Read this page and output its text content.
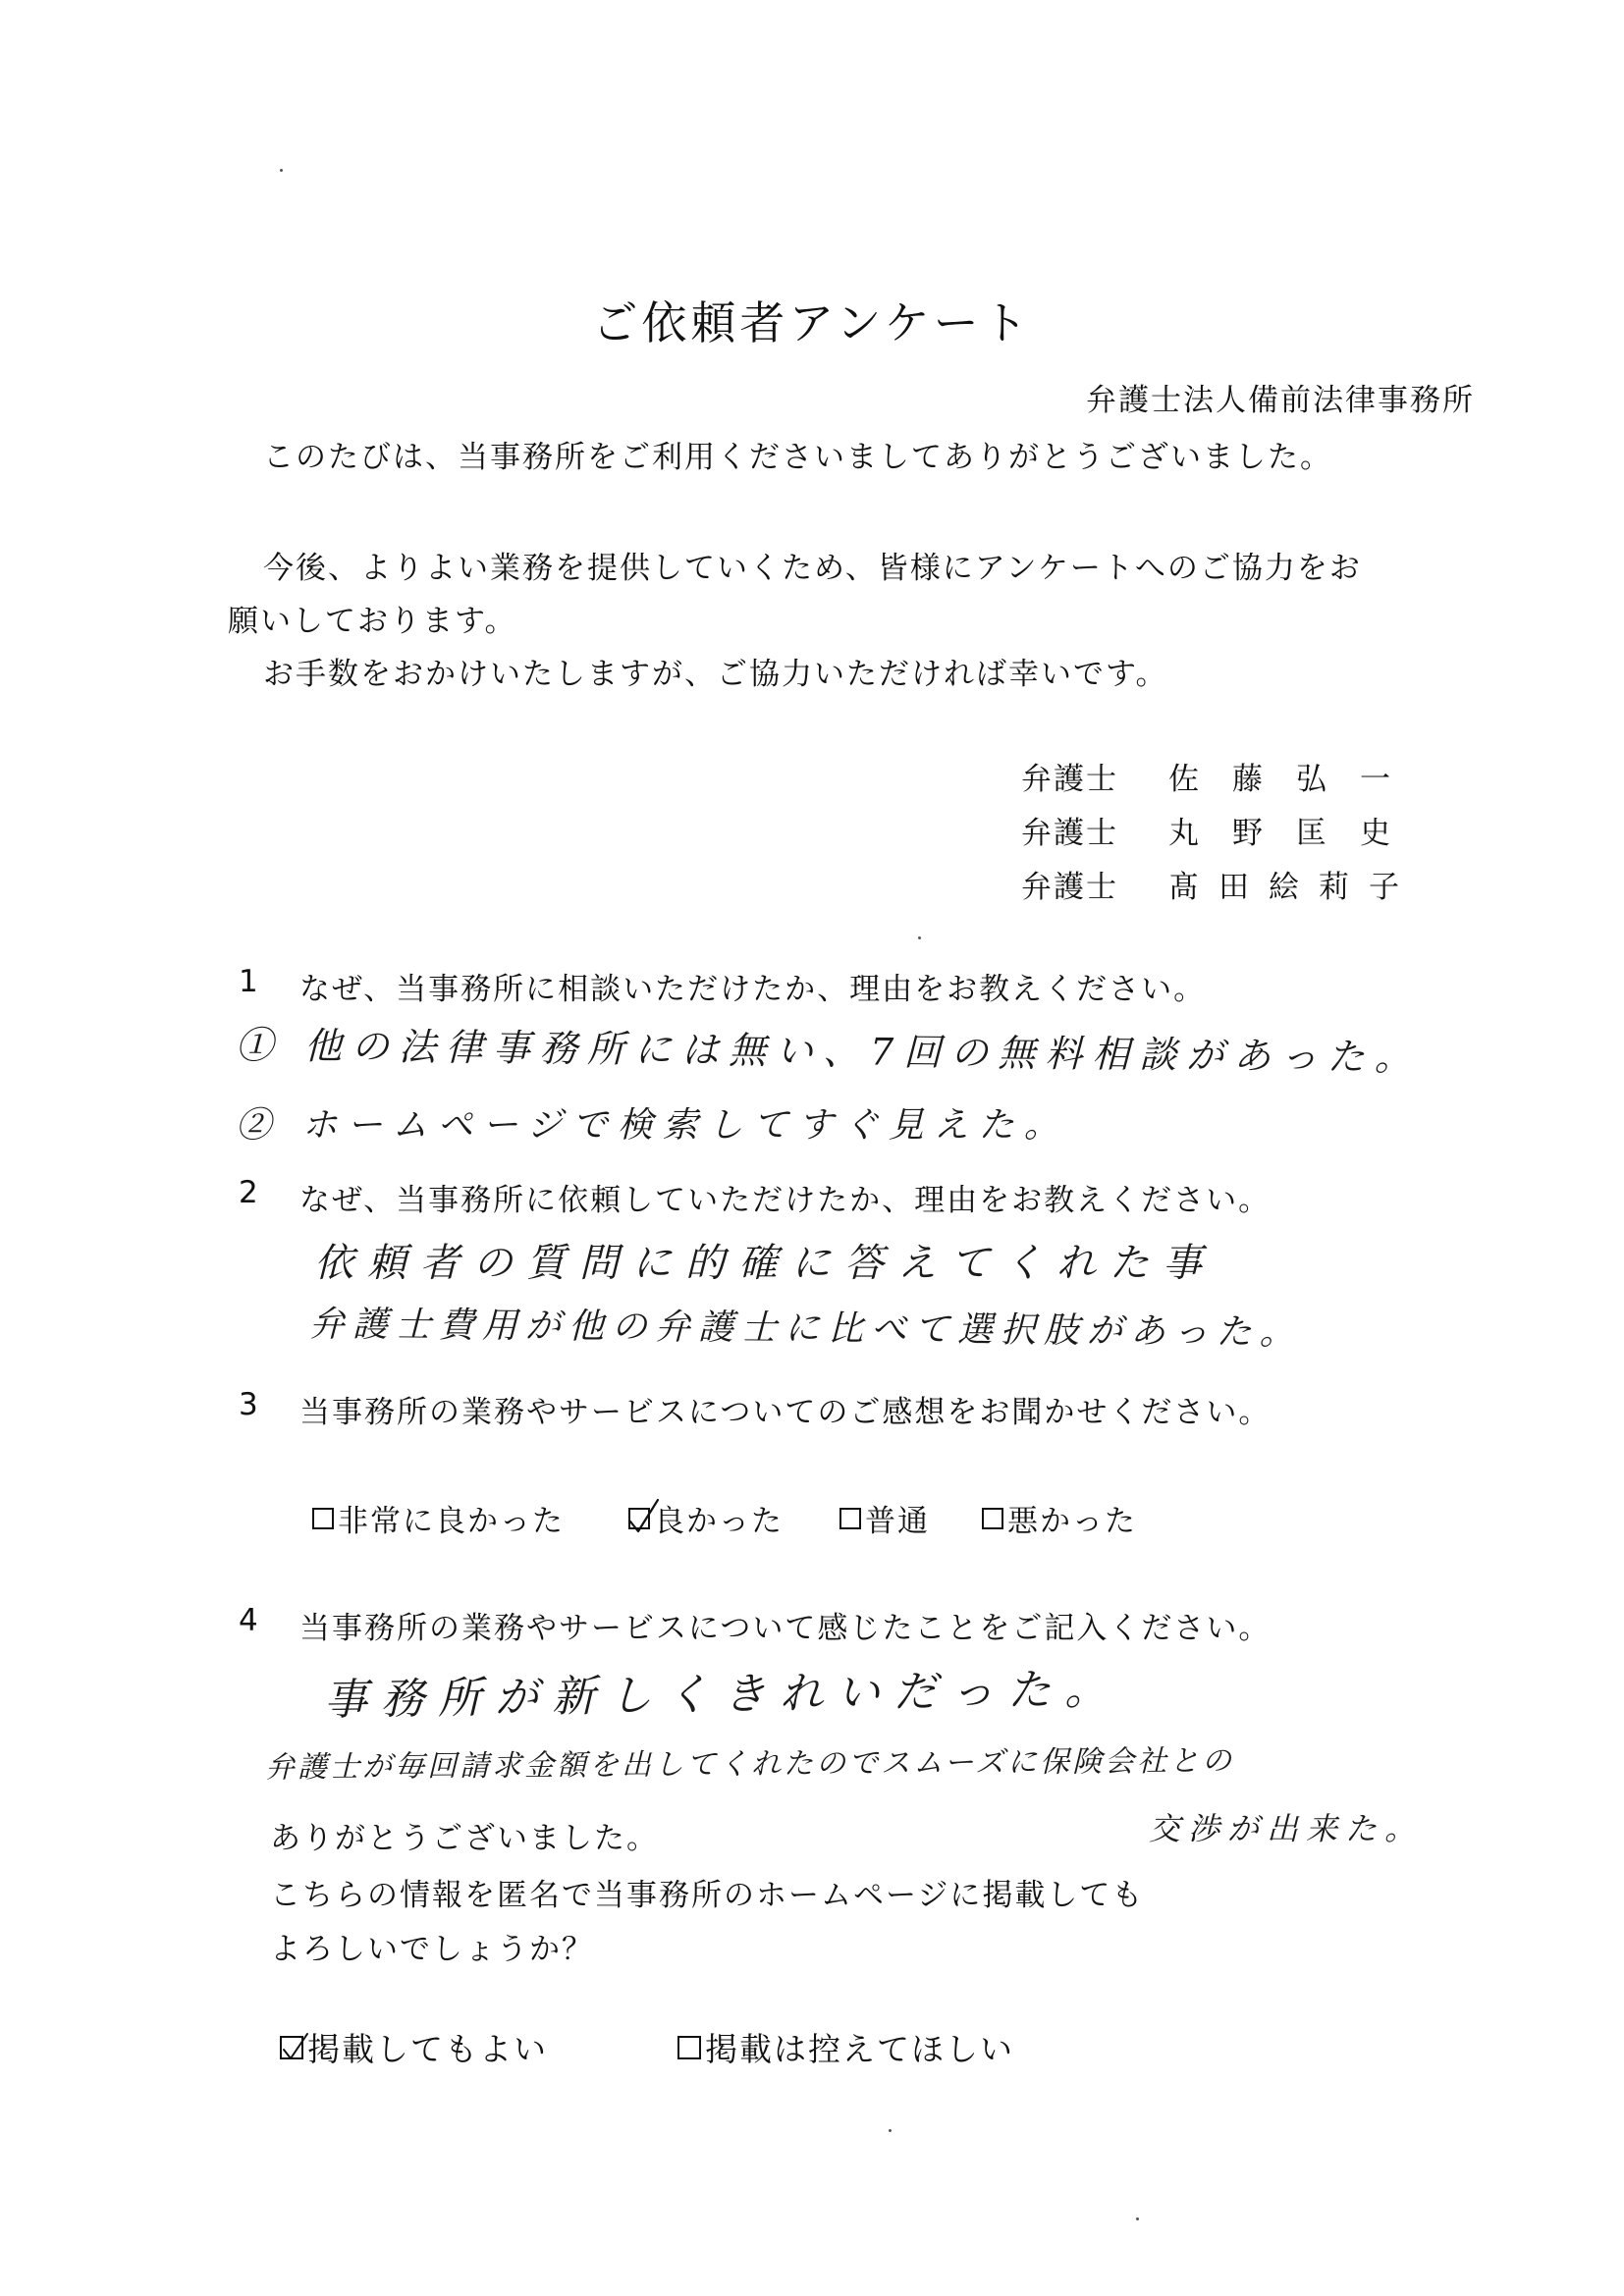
ご依頼者アンケート
弁護士法人備前法律事務所
このたびは、当事務所をご利用くださいましてありがとうございました。
今後、よりよい業務を提供していくため、皆様にアンケートへのご協力をお
願いしております。
お手数をおかけいたしますが、ご協力いただければ幸いです。
弁護士 佐藤弘一
弁護士 丸野匡史
弁護士 髙田絵莉子
1 なぜ、当事務所に相談いただけたか、理由をお教えください。
① 他の法律事務所には無い、7回の無料相談があった。
② ホームページで検索してすぐ見えた。
2 なぜ、当事務所に依頼していただけたか、理由をお教えください。
依頼者の質問に的確に答えてくれた事
弁護士費用が他の弁護士に比べて選択肢があった。
3 当事務所の業務やサービスについてのご感想をお聞かせください。
非常に良かった	良かった	普通	悪かった
4 当事務所の業務やサービスについて感じたことをご記入ください。
事務所が新しくきれいだった。
弁護士が毎回請求金額を出してくれたのでスムーズに保険会社との
交渉が出来た。
ありがとうございました。
こちらの情報を匿名で当事務所のホームページに掲載しても
よろしいでしょうか？
掲載してもよい	掲載は控えてほしい
